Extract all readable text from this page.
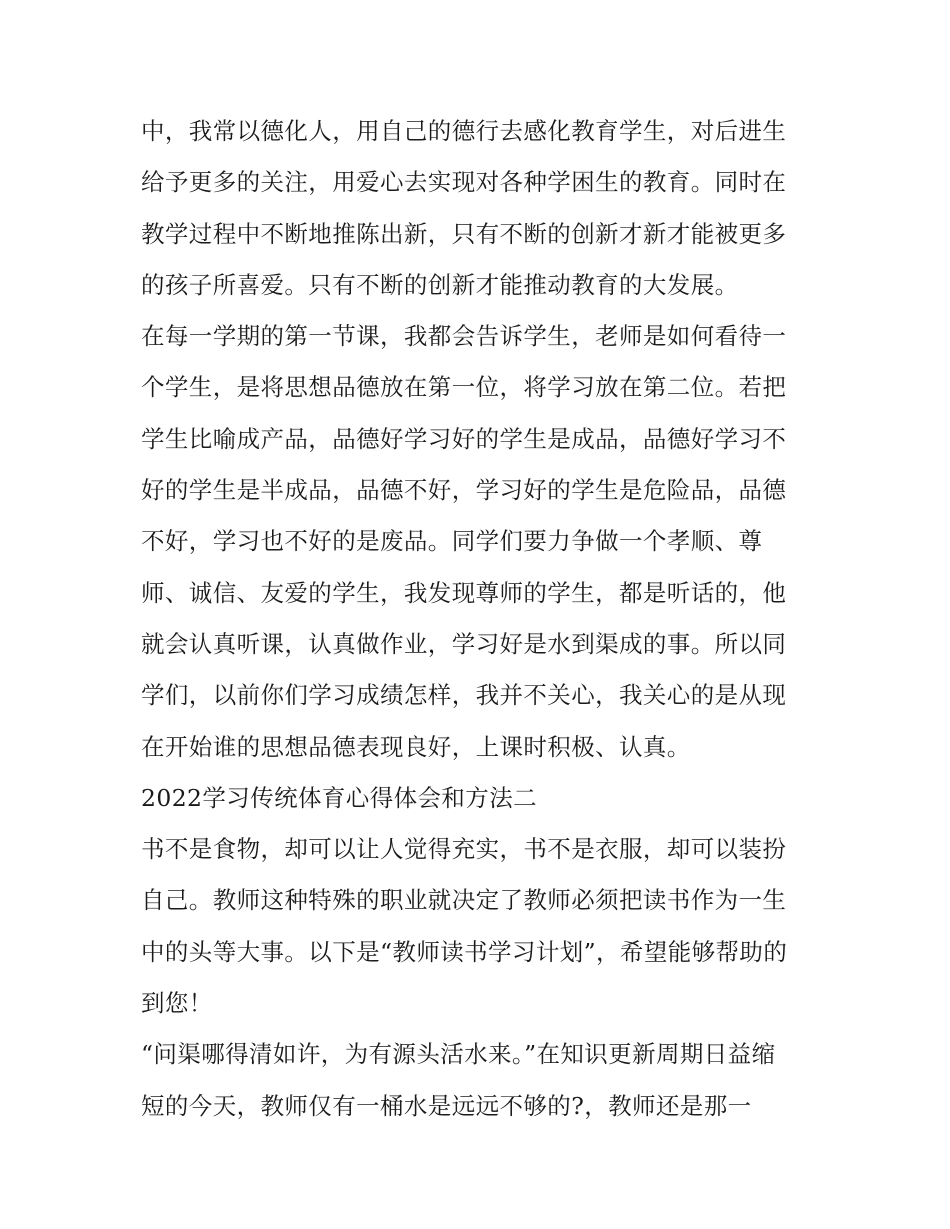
中，我常以德化人，用自己的德行去感化教育学生，对后进生
给予更多的关注，用爱心去实现对各种学困生的教育。同时在
教学过程中不断地推陈出新，只有不断的创新才新才能被更多
的孩子所喜爱。只有不断的创新才能推动教育的大发展。
在每一学期的第一节课，我都会告诉学生，老师是如何看待一
个学生，是将思想品德放在第一位，将学习放在第二位。若把
学生比喻成产品，品德好学习好的学生是成品，品德好学习不
好的学生是半成品，品德不好，学习好的学生是危险品，品德
不好，学习也不好的是废品。同学们要力争做一个孝顺、尊
师、诚信、友爱的学生，我发现尊师的学生，都是听话的，他
就会认真听课，认真做作业，学习好是水到渠成的事。所以同
学们，以前你们学习成绩怎样，我并不关心，我关心的是从现
在开始谁的思想品德表现良好，上课时积极、认真。
2022学习传统体育心得体会和方法二
书不是食物，却可以让人觉得充实，书不是衣服，却可以装扮
自己。教师这种特殊的职业就决定了教师必须把读书作为一生
中的头等大事。以下是“教师读书学习计划”，希望能够帮助的
到您！
“问渠哪得清如许，为有源头活水来。”在知识更新周期日益缩
短的今天，教师仅有一桶水是远远不够的?，教师还是那一
